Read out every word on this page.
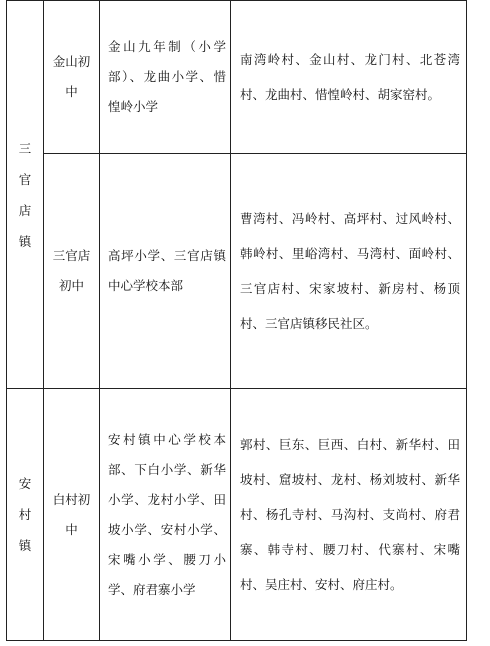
三官店镇	金山初中	金山九年制（小学部）、龙曲小学、惜惶岭小学	南湾岭村、金山村、龙门村、北苍湾村、龙曲村、惜惶岭村、胡家窑村。
	三官店初中	高坪小学、三官店镇中心学校本部	曹湾村、冯岭村、高坪村、过风岭村、韩岭村、里峪湾村、马湾村、面岭村、三官店村、宋家坡村、新房村、杨顶村、三官店镇移民社区。
安村镇	白村初中	安村镇中心学校本部、下白小学、新华小学、龙村小学、田坡小学、安村小学、宋嘴小学、腰刀小学、府君寨小学	郭村、巨东、巨西、白村、新华村、田坡村、窟坡村、龙村、杨刘坡村、新华村、杨孔寺村、马沟村、支尚村、府君寨、韩寺村、腰刀村、代寨村、宋嘴村、吴庄村、安村、府庄村。
